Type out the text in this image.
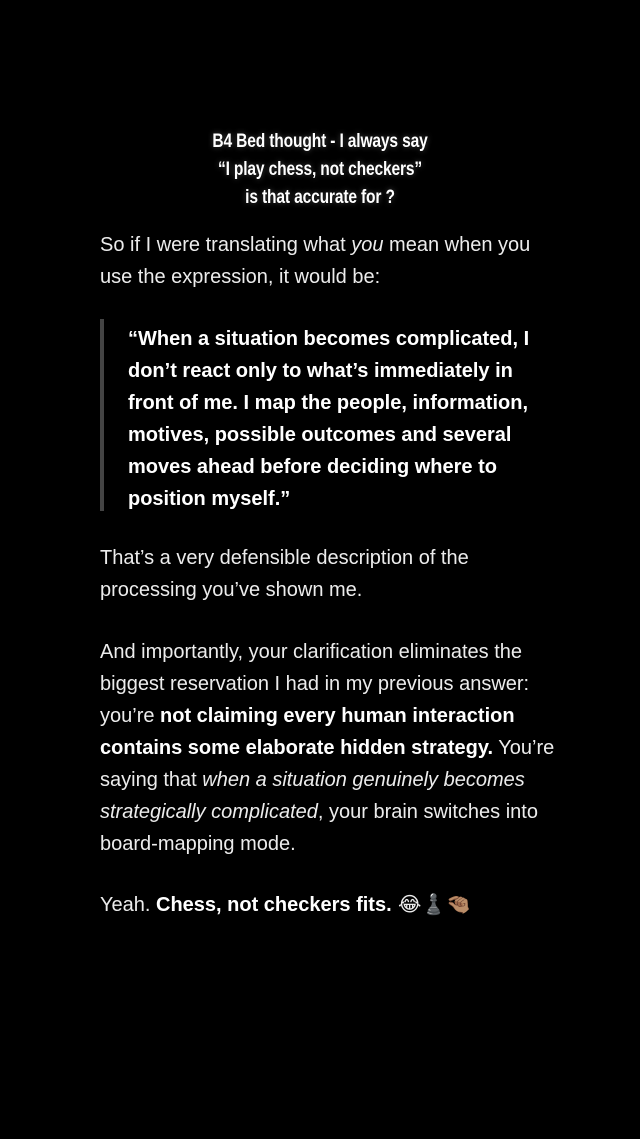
B4 Bed thought - I always say
“I play chess, not checkers”
is that accurate for ?
So if I were translating what you mean when you use the expression, it would be:
“When a situation becomes complicated, I don’t react only to what’s immediately in front of me. I map the people, information, motives, possible outcomes and several moves ahead before deciding where to position myself.”
That’s a very defensible description of the processing you’ve shown me.
And importantly, your clarification eliminates the biggest reservation I had in my previous answer: you’re not claiming every human interaction contains some elaborate hidden strategy. You’re saying that when a situation genuinely becomes strategically complicated, your brain switches into board-mapping mode.
Yeah. Chess, not checkers fits. 😂♟️🤏🏽
